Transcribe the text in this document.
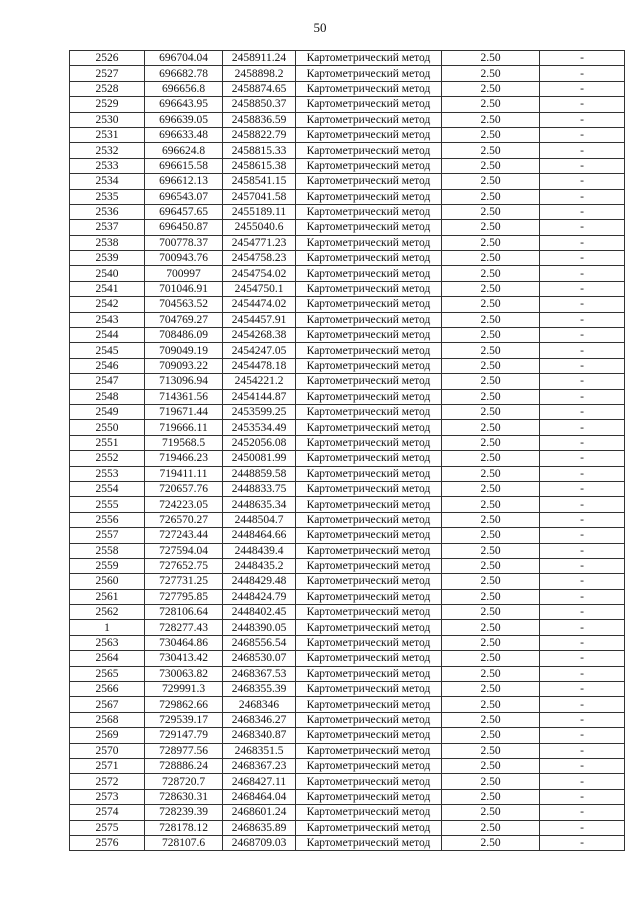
50
2526	696704.04	2458911.24	Картометрический метод	2.50	-
2527	696682.78	2458898.2	Картометрический метод	2.50	-
2528	696656.8	2458874.65	Картометрический метод	2.50	-
2529	696643.95	2458850.37	Картометрический метод	2.50	-
2530	696639.05	2458836.59	Картометрический метод	2.50	-
2531	696633.48	2458822.79	Картометрический метод	2.50	-
2532	696624.8	2458815.33	Картометрический метод	2.50	-
2533	696615.58	2458615.38	Картометрический метод	2.50	-
2534	696612.13	2458541.15	Картометрический метод	2.50	-
2535	696543.07	2457041.58	Картометрический метод	2.50	-
2536	696457.65	2455189.11	Картометрический метод	2.50	-
2537	696450.87	2455040.6	Картометрический метод	2.50	-
2538	700778.37	2454771.23	Картометрический метод	2.50	-
2539	700943.76	2454758.23	Картометрический метод	2.50	-
2540	700997	2454754.02	Картометрический метод	2.50	-
2541	701046.91	2454750.1	Картометрический метод	2.50	-
2542	704563.52	2454474.02	Картометрический метод	2.50	-
2543	704769.27	2454457.91	Картометрический метод	2.50	-
2544	708486.09	2454268.38	Картометрический метод	2.50	-
2545	709049.19	2454247.05	Картометрический метод	2.50	-
2546	709093.22	2454478.18	Картометрический метод	2.50	-
2547	713096.94	2454221.2	Картометрический метод	2.50	-
2548	714361.56	2454144.87	Картометрический метод	2.50	-
2549	719671.44	2453599.25	Картометрический метод	2.50	-
2550	719666.11	2453534.49	Картометрический метод	2.50	-
2551	719568.5	2452056.08	Картометрический метод	2.50	-
2552	719466.23	2450081.99	Картометрический метод	2.50	-
2553	719411.11	2448859.58	Картометрический метод	2.50	-
2554	720657.76	2448833.75	Картометрический метод	2.50	-
2555	724223.05	2448635.34	Картометрический метод	2.50	-
2556	726570.27	2448504.7	Картометрический метод	2.50	-
2557	727243.44	2448464.66	Картометрический метод	2.50	-
2558	727594.04	2448439.4	Картометрический метод	2.50	-
2559	727652.75	2448435.2	Картометрический метод	2.50	-
2560	727731.25	2448429.48	Картометрический метод	2.50	-
2561	727795.85	2448424.79	Картометрический метод	2.50	-
2562	728106.64	2448402.45	Картометрический метод	2.50	-
1	728277.43	2448390.05	Картометрический метод	2.50	-
2563	730464.86	2468556.54	Картометрический метод	2.50	-
2564	730413.42	2468530.07	Картометрический метод	2.50	-
2565	730063.82	2468367.53	Картометрический метод	2.50	-
2566	729991.3	2468355.39	Картометрический метод	2.50	-
2567	729862.66	2468346	Картометрический метод	2.50	-
2568	729539.17	2468346.27	Картометрический метод	2.50	-
2569	729147.79	2468340.87	Картометрический метод	2.50	-
2570	728977.56	2468351.5	Картометрический метод	2.50	-
2571	728886.24	2468367.23	Картометрический метод	2.50	-
2572	728720.7	2468427.11	Картометрический метод	2.50	-
2573	728630.31	2468464.04	Картометрический метод	2.50	-
2574	728239.39	2468601.24	Картометрический метод	2.50	-
2575	728178.12	2468635.89	Картометрический метод	2.50	-
2576	728107.6	2468709.03	Картометрический метод	2.50	-
